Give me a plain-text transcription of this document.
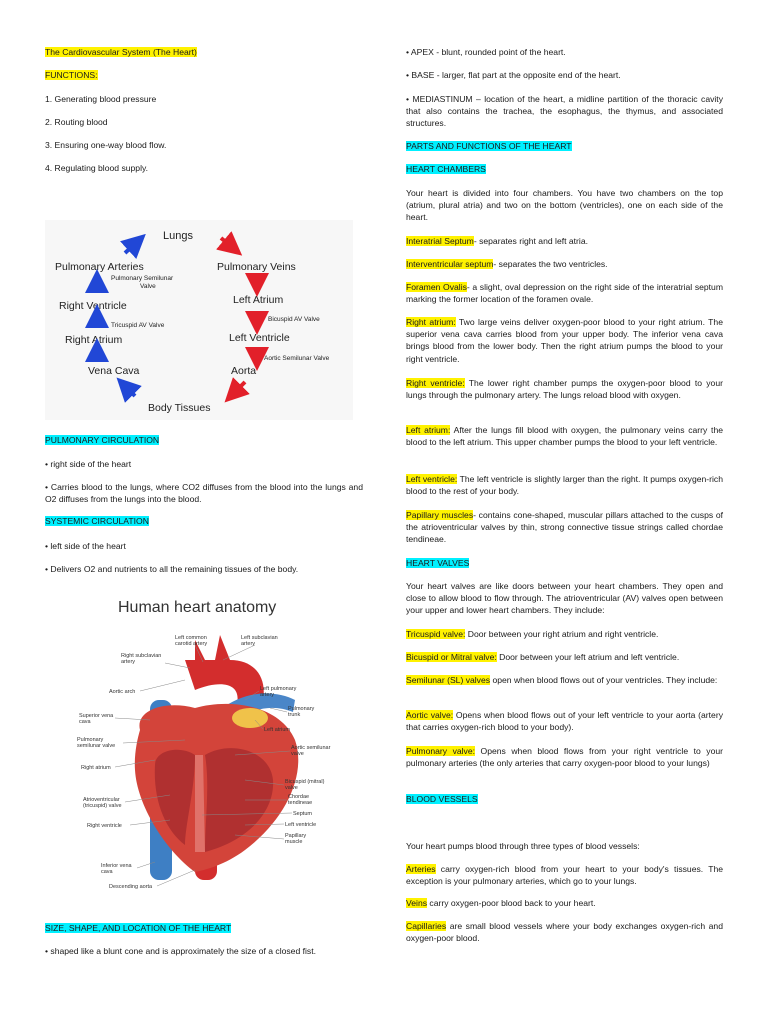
The Cardiovascular System (The Heart)

FUNCTIONS:

1. Generating blood pressure

2. Routing blood

3. Ensuring one-way blood flow.

4. Regulating blood supply.

Lungs
Pulmonary Arteries
Pulmonary Semilunar Valve
Pulmonary Veins
Left Atrium
Bicuspid AV Valve
Right Ventricle
Tricuspid AV Valve
Right Atrium	Left Ventricle
Aortic Semilunar Valve
Vena Cava	Aorta
Body Tissues

PULMONARY CIRCULATION

• right side of the heart

• Carries blood to the lungs, where CO2 diffuses from the blood into the lungs and O2 diffuses from the lungs into the blood.

SYSTEMIC CIRCULATION

• left side of the heart

• Delivers O2 and nutrients to all the remaining tissues of the body.

Human heart anatomy
Left common carotid artery
Left subclavian artery
Right subclavian artery
Aortic arch	Left pulmonary artery
Pulmonary trunk
Superior vena cava
Left atrium
Pulmonary semilunar valve	Aortic semilunar valve
Right atrium
Bicuspid (mitral) valve
Chordae tendineae
Atrioventricular (tricuspid) valve
Septum
Left ventricle
Right ventricle
Papillary muscle
Inferior vena cava
Descending aorta

SIZE, SHAPE, AND LOCATION OF THE HEART

• shaped like a blunt cone and is approximately the size of a closed fist.

• APEX - blunt, rounded point of the heart.

• BASE - larger, flat part at the opposite end of the heart.

• MEDIASTINUM – location of the heart, a midline partition of the thoracic cavity that also contains the trachea, the esophagus, the thymus, and associated structures.

PARTS AND FUNCTIONS OF THE HEART

HEART CHAMBERS

Your heart is divided into four chambers. You have two chambers on the top (atrium, plural atria) and two on the bottom (ventricles), one on each side of the heart.

Interatrial Septum- separates right and left atria.

Interventricular septum- separates the two ventricles.

Foramen Ovalis- a slight, oval depression on the right side of the interatrial septum marking the former location of the foramen ovale.

Right atrium: Two large veins deliver oxygen-poor blood to your right atrium. The superior vena cava carries blood from your upper body. The inferior vena cava brings blood from the lower body. Then the right atrium pumps the blood to your right ventricle.

Right ventricle: The lower right chamber pumps the oxygen-poor blood to your lungs through the pulmonary artery. The lungs reload blood with oxygen.

Left atrium: After the lungs fill blood with oxygen, the pulmonary veins carry the blood to the left atrium. This upper chamber pumps the blood to your left ventricle.

Left ventricle: The left ventricle is slightly larger than the right. It pumps oxygen-rich blood to the rest of your body.

Papillary muscles- contains cone-shaped, muscular pillars attached to the cusps of the atrioventricular valves by thin, strong connective tissue strings called chordae tendineae.

HEART VALVES

Your heart valves are like doors between your heart chambers. They open and close to allow blood to flow through. The atrioventricular (AV) valves open between your upper and lower heart chambers. They include:

Tricuspid valve: Door between your right atrium and right ventricle.

Bicuspid or Mitral valve: Door between your left atrium and left ventricle.

Semilunar (SL) valves open when blood flows out of your ventricles. They include:

Aortic valve: Opens when blood flows out of your left ventricle to your aorta (artery that carries oxygen-rich blood to your body).

Pulmonary valve: Opens when blood flows from your right ventricle to your pulmonary arteries (the only arteries that carry oxygen-poor blood to your lungs)

BLOOD VESSELS

Your heart pumps blood through three types of blood vessels:

Arteries carry oxygen-rich blood from your heart to your body's tissues. The exception is your pulmonary arteries, which go to your lungs.

Veins carry oxygen-poor blood back to your heart.

Capillaries are small blood vessels where your body exchanges oxygen-rich and oxygen-poor blood.
